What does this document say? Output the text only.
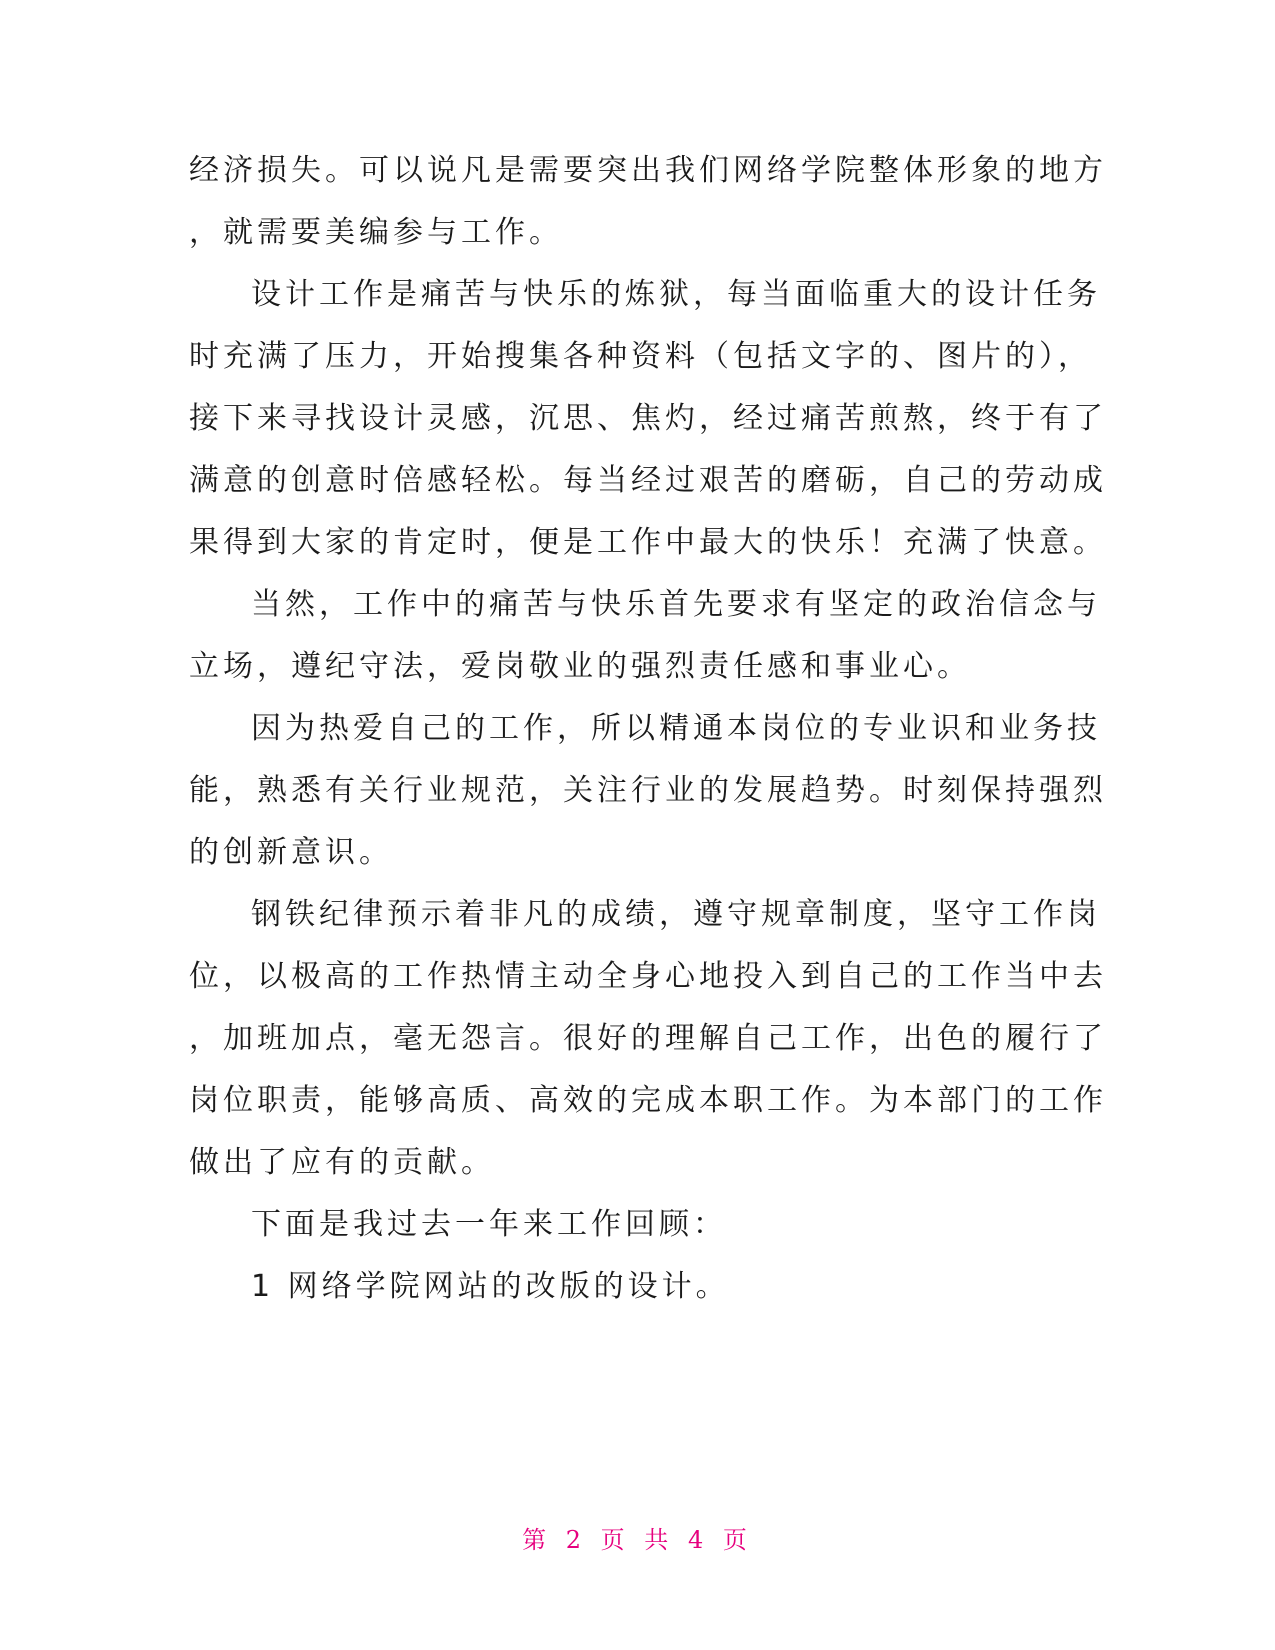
经济损失。可以说凡是需要突出我们网络学院整体形象的地方
，就需要美编参与工作。
设计工作是痛苦与快乐的炼狱，每当面临重大的设计任务
时充满了压力，开始搜集各种资料（包括文字的、图片的），
接下来寻找设计灵感，沉思、焦灼，经过痛苦煎熬，终于有了
满意的创意时倍感轻松。每当经过艰苦的磨砺，自己的劳动成
果得到大家的肯定时，便是工作中最大的快乐！充满了快意。
当然，工作中的痛苦与快乐首先要求有坚定的政治信念与
立场，遵纪守法，爱岗敬业的强烈责任感和事业心。
因为热爱自己的工作，所以精通本岗位的专业识和业务技
能，熟悉有关行业规范，关注行业的发展趋势。时刻保持强烈
的创新意识。
钢铁纪律预示着非凡的成绩，遵守规章制度，坚守工作岗
位，以极高的工作热情主动全身心地投入到自己的工作当中去
，加班加点，毫无怨言。很好的理解自己工作，出色的履行了
岗位职责，能够高质、高效的完成本职工作。为本部门的工作
做出了应有的贡献。
下面是我过去一年来工作回顾：
1 网络学院网站的改版的设计。
第 2 页 共 4 页
